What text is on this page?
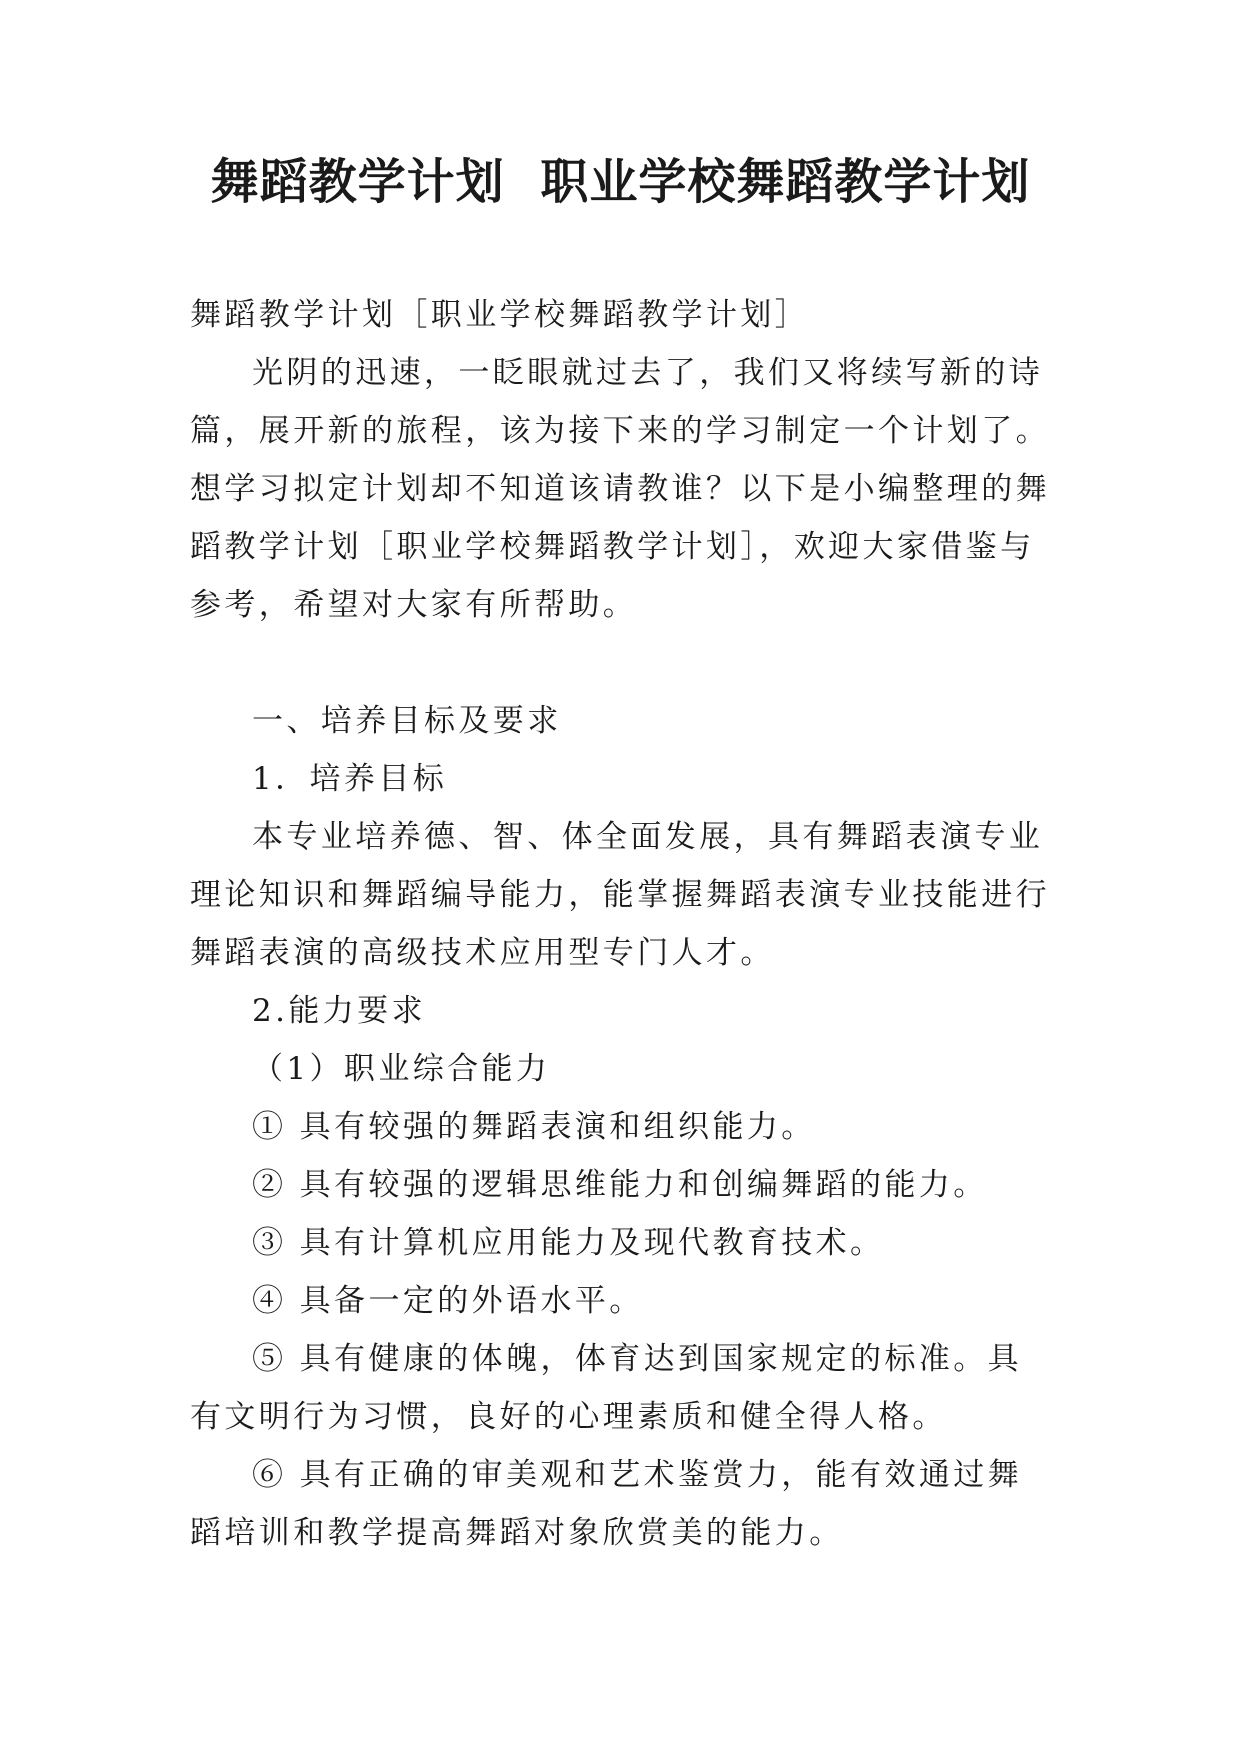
舞蹈教学计划 职业学校舞蹈教学计划

舞蹈教学计划［职业学校舞蹈教学计划］

光阴的迅速，一眨眼就过去了，我们又将续写新的诗篇，展开新的旅程，该为接下来的学习制定一个计划了。想学习拟定计划却不知道该请教谁？以下是小编整理的舞蹈教学计划［职业学校舞蹈教学计划］，欢迎大家借鉴与参考，希望对大家有所帮助。

一、培养目标及要求

1．培养目标

本专业培养德、智、体全面发展，具有舞蹈表演专业理论知识和舞蹈编导能力，能掌握舞蹈表演专业技能进行舞蹈表演的高级技术应用型专门人才。

2.能力要求

（1）职业综合能力

① 具有较强的舞蹈表演和组织能力。

② 具有较强的逻辑思维能力和创编舞蹈的能力。

③ 具有计算机应用能力及现代教育技术。

④ 具备一定的外语水平。

⑤ 具有健康的体魄，体育达到国家规定的标准。具有文明行为习惯，良好的心理素质和健全得人格。

⑥ 具有正确的审美观和艺术鉴赏力，能有效通过舞蹈培训和教学提高舞蹈对象欣赏美的能力。
